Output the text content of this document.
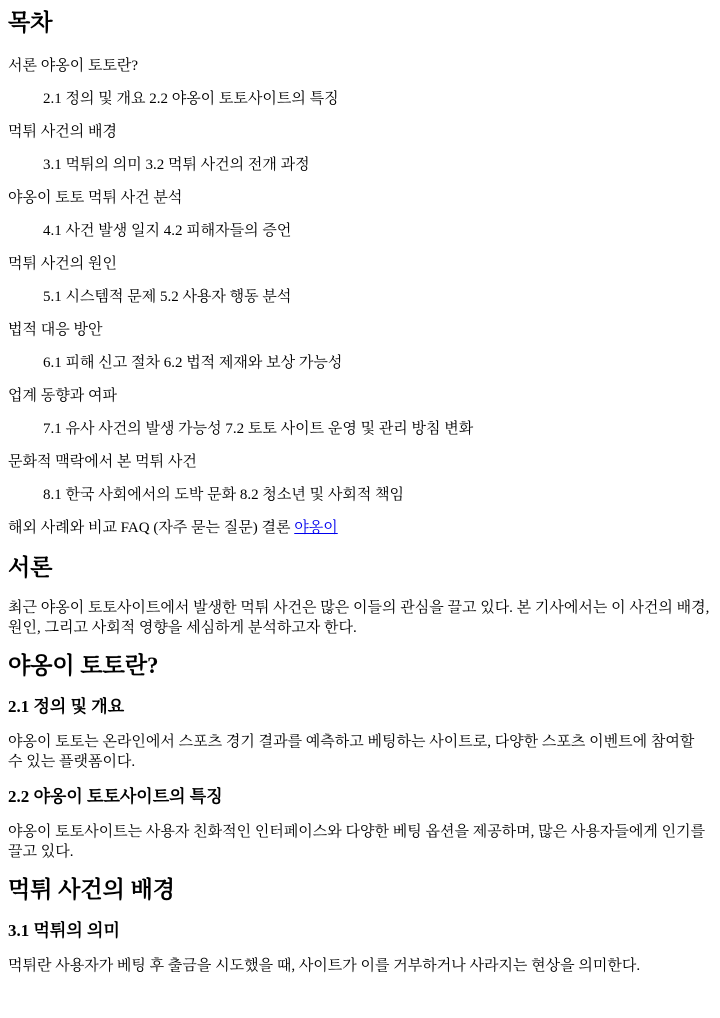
목차

서론 야옹이 토토란?

2.1 정의 및 개요 2.2 야옹이 토토사이트의 특징

먹튀 사건의 배경

3.1 먹튀의 의미 3.2 먹튀 사건의 전개 과정

야옹이 토토 먹튀 사건 분석

4.1 사건 발생 일지 4.2 피해자들의 증언

먹튀 사건의 원인

5.1 시스템적 문제 5.2 사용자 행동 분석

법적 대응 방안

6.1 피해 신고 절차 6.2 법적 제재와 보상 가능성

업계 동향과 여파

7.1 유사 사건의 발생 가능성 7.2 토토 사이트 운영 및 관리 방침 변화

문화적 맥락에서 본 먹튀 사건

8.1 한국 사회에서의 도박 문화 8.2 청소년 및 사회적 책임

해외 사례와 비교 FAQ (자주 묻는 질문) 결론 야옹이

서론

최근 야옹이 토토사이트에서 발생한 먹튀 사건은 많은 이들의 관심을 끌고 있다. 본 기사에서는 이 사건의 배경, 원인, 그리고 사회적 영향을 세심하게 분석하고자 한다.

야옹이 토토란?
2.1 정의 및 개요

야옹이 토토는 온라인에서 스포츠 경기 결과를 예측하고 베팅하는 사이트로, 다양한 스포츠 이벤트에 참여할 수 있는 플랫폼이다.

2.2 야옹이 토토사이트의 특징

야옹이 토토사이트는 사용자 친화적인 인터페이스와 다양한 베팅 옵션을 제공하며, 많은 사용자들에게 인기를 끌고 있다.

먹튀 사건의 배경
3.1 먹튀의 의미

먹튀란 사용자가 베팅 후 출금을 시도했을 때, 사이트가 이를 거부하거나 사라지는 현상을 의미한다.
